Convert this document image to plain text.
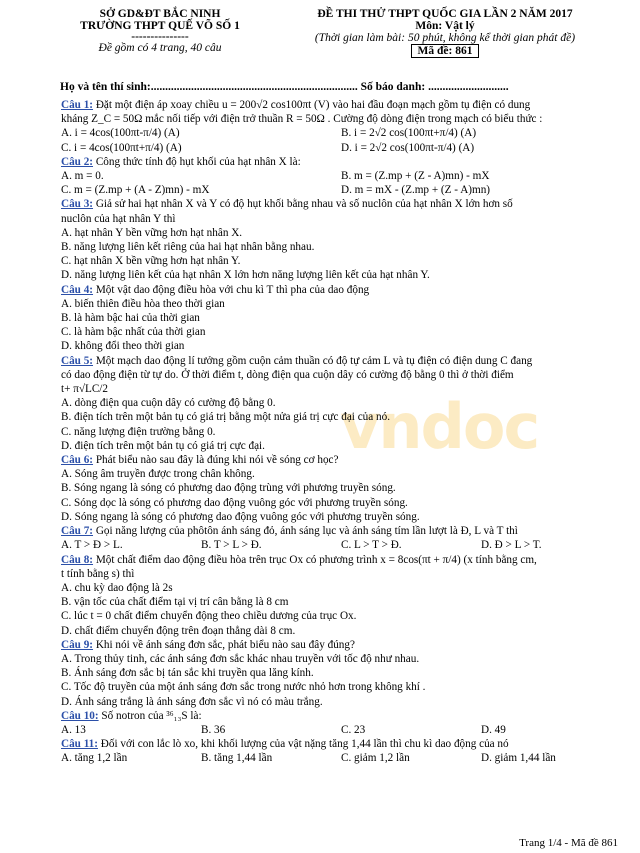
SỞ GD&ĐT BẮC NINH
TRƯỜNG THPT QUẾ VÕ SỐ 1
---------------
Đề gồm có 4 trang, 40 câu
ĐỀ THI THỬ THPT QUỐC GIA LẦN 2 NĂM 2017
Môn: Vật lý
(Thời gian làm bài: 50 phút, không kể thời gian phát đề)
Mã đề: 861
Họ và tên thí sinh:........................................................................ Số báo danh: ............................
vndoc
Câu 1: Đặt một điện áp xoay chiều u = 200√2 cos100πt (V) vào hai đầu đoạn mạch gồm tụ điện có dung
kháng Z_C = 50Ω mắc nối tiếp với điện trở thuần R = 50Ω . Cường độ dòng điện trong mạch có biểu thức :
A. i = 4cos(100πt-π/4) (A)	B. i = 2√2 cos(100πt+π/4) (A)
C. i = 4cos(100πt+π/4) (A)	D. i = 2√2 cos(100πt-π/4) (A)
Câu 2: Công thức tính độ hụt khối của hạt nhân X là:
A. m = 0.	B. m = (Z.mp + (Z - A)mn) - mX
C. m = (Z.mp + (A - Z)mn) - mX	D. m = mX - (Z.mp + (Z - A)mn)
Câu 3: Giả sử hai hạt nhân X và Y có độ hụt khối bằng nhau và số nuclôn của hạt nhân X lớn hơn số
nuclôn của hạt nhân Y thì
A. hạt nhân Y bền vững hơn hạt nhân X.
B. năng lượng liên kết riêng của hai hạt nhân bằng nhau.
C. hạt nhân X bền vững hơn hạt nhân Y.
D. năng lượng liên kết của hạt nhân X lớn hơn năng lượng liên kết của hạt nhân Y.
Câu 4: Một vật dao động điều hòa với chu kì T thì pha của dao động
A. biến thiên điều hòa theo thời gian
B. là hàm bậc hai của thời gian
C. là hàm bậc nhất của thời gian
D. không đổi theo thời gian
Câu 5: Một mạch dao động lí tưởng gồm cuộn cảm thuần có độ tự cảm L và tụ điện có điện dung C đang
có dao động điện từ tự do. Ở thời điểm t, dòng điện qua cuộn dây có cường độ bằng 0 thì ở thời điểm
t+ π√LC/2
A. dòng điện qua cuộn dây có cường độ bằng 0.
B. điện tích trên một bản tụ có giá trị bằng một nửa giá trị cực đại của nó.
C. năng lượng điện trường bằng 0.
D. điện tích trên một bản tụ có giá trị cực đại.
Câu 6: Phát biểu nào sau đây là đúng khi nói về sóng cơ học?
A. Sóng âm truyền được trong chân không.
B. Sóng ngang là sóng có phương dao động trùng với phương truyền sóng.
C. Sóng dọc là sóng có phương dao động vuông góc với phương truyền sóng.
D. Sóng ngang là sóng có phương dao động vuông góc với phương truyền sóng.
Câu 7: Gọi năng lượng của phôtôn ánh sáng đỏ, ánh sáng lục và ánh sáng tím lần lượt là Đ, L và T thì
A. T > Đ > L.	B. T > L > Đ.	C. L > T > Đ.	D. Đ > L > T.
Câu 8: Một chất điểm dao động điều hòa trên trục Ox có phương trình x = 8cos(πt + π/4) (x tính bằng cm,
t tính bằng s) thì
A. chu kỳ dao động là 2s
B. vận tốc của chất điểm tại vị trí cân bằng là 8 cm
C. lúc t = 0 chất điểm chuyển động theo chiều dương của trục Ox.
D. chất điểm chuyển động trên đoạn thẳng dài 8 cm.
Câu 9: Khi nói về ánh sáng đơn sắc, phát biểu nào sau đây đúng?
A. Trong thủy tinh, các ánh sáng đơn sắc khác nhau truyền với tốc độ như nhau.
B. Ánh sáng đơn sắc bị tán sắc khi truyền qua lăng kính.
C. Tốc độ truyền của một ánh sáng đơn sắc trong nước nhỏ hơn trong không khí .
D. Ánh sáng trắng là ánh sáng đơn sắc vì nó có màu trắng.
Câu 10: Số notron của ³⁶₁₃S là:
A. 13	B. 36	C. 23	D. 49
Câu 11: Đối với con lắc lò xo, khi khối lượng của vật nặng tăng 1,44 lần thì chu kì dao động của nó
A. tăng 1,2 lần	B. tăng 1,44 lần	C. giảm 1,2 lần	D. giảm 1,44 lần
Trang 1/4 - Mã đề 861
